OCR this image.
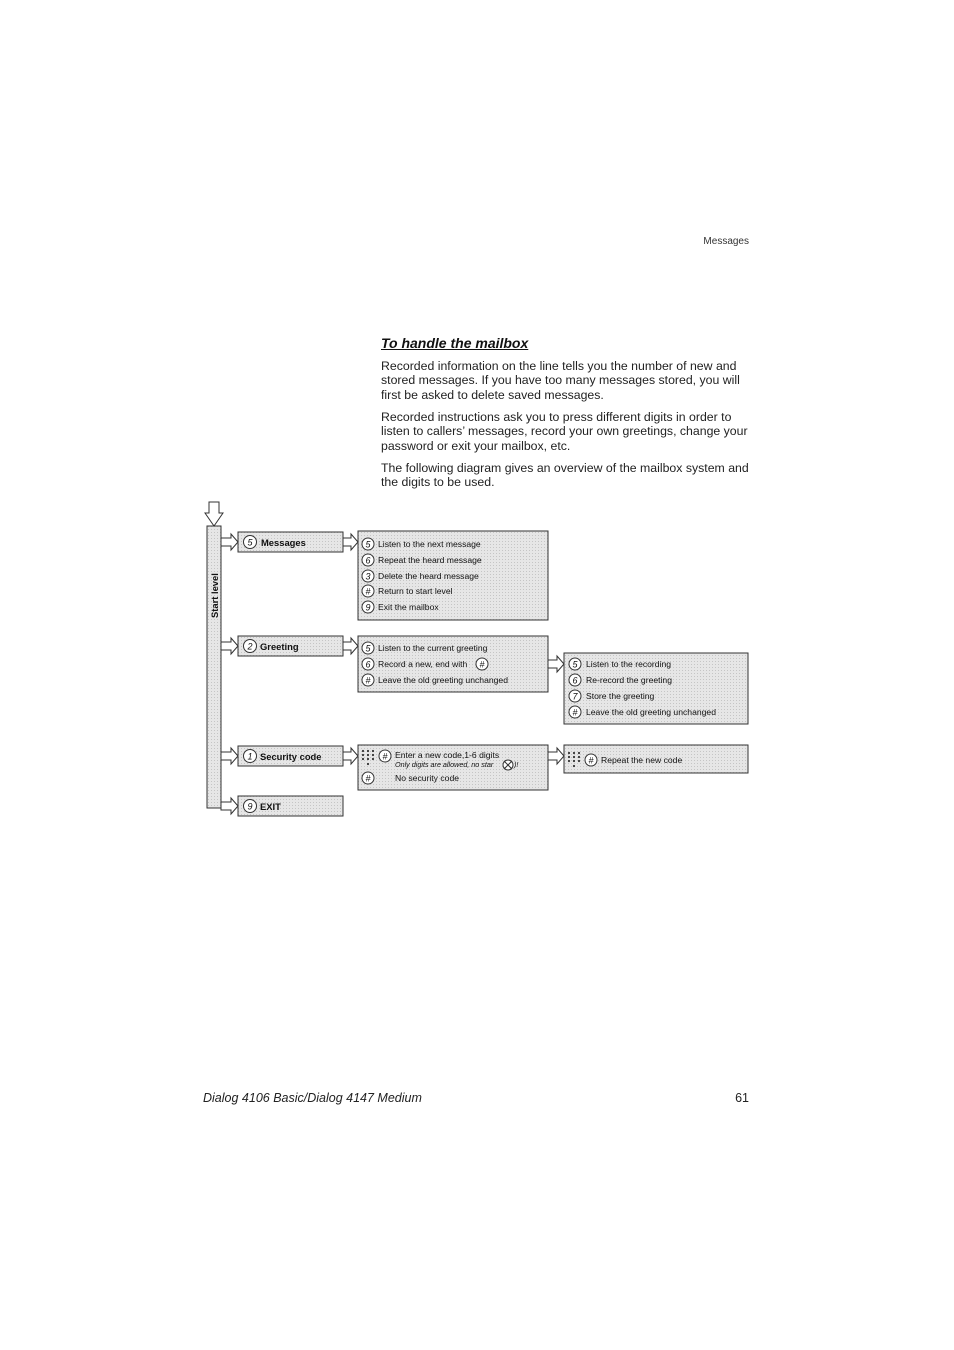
Messages
To handle the mailbox
Recorded information on the line tells you the number of new and stored messages. If you have too many messages stored, you will first be asked to delete saved messages.
Recorded instructions ask you to press different digits in order to listen to callers’ messages, record your own greetings, change your password or exit your mailbox, etc.
The following diagram gives an overview of the mailbox system and the digits to be used.
Start level
5 Messages
2 Greeting
1 Security code
9 EXIT
5 Listen to the next message
6 Repeat the heard message
3 Delete the heard message
# Return to start level
9 Exit the mailbox
5 Listen to the current greeting
6 Record a new, end with #
# Leave the old greeting unchanged
5 Listen to the recording
6 Re-record the greeting
7 Store the greeting
# Leave the old greeting unchanged
# Enter a new code,1-6 digits
Only digits are allowed, no star	)!
#	No security code
# Repeat the new code
Dialog 4106 Basic/Dialog 4147 Medium	61
